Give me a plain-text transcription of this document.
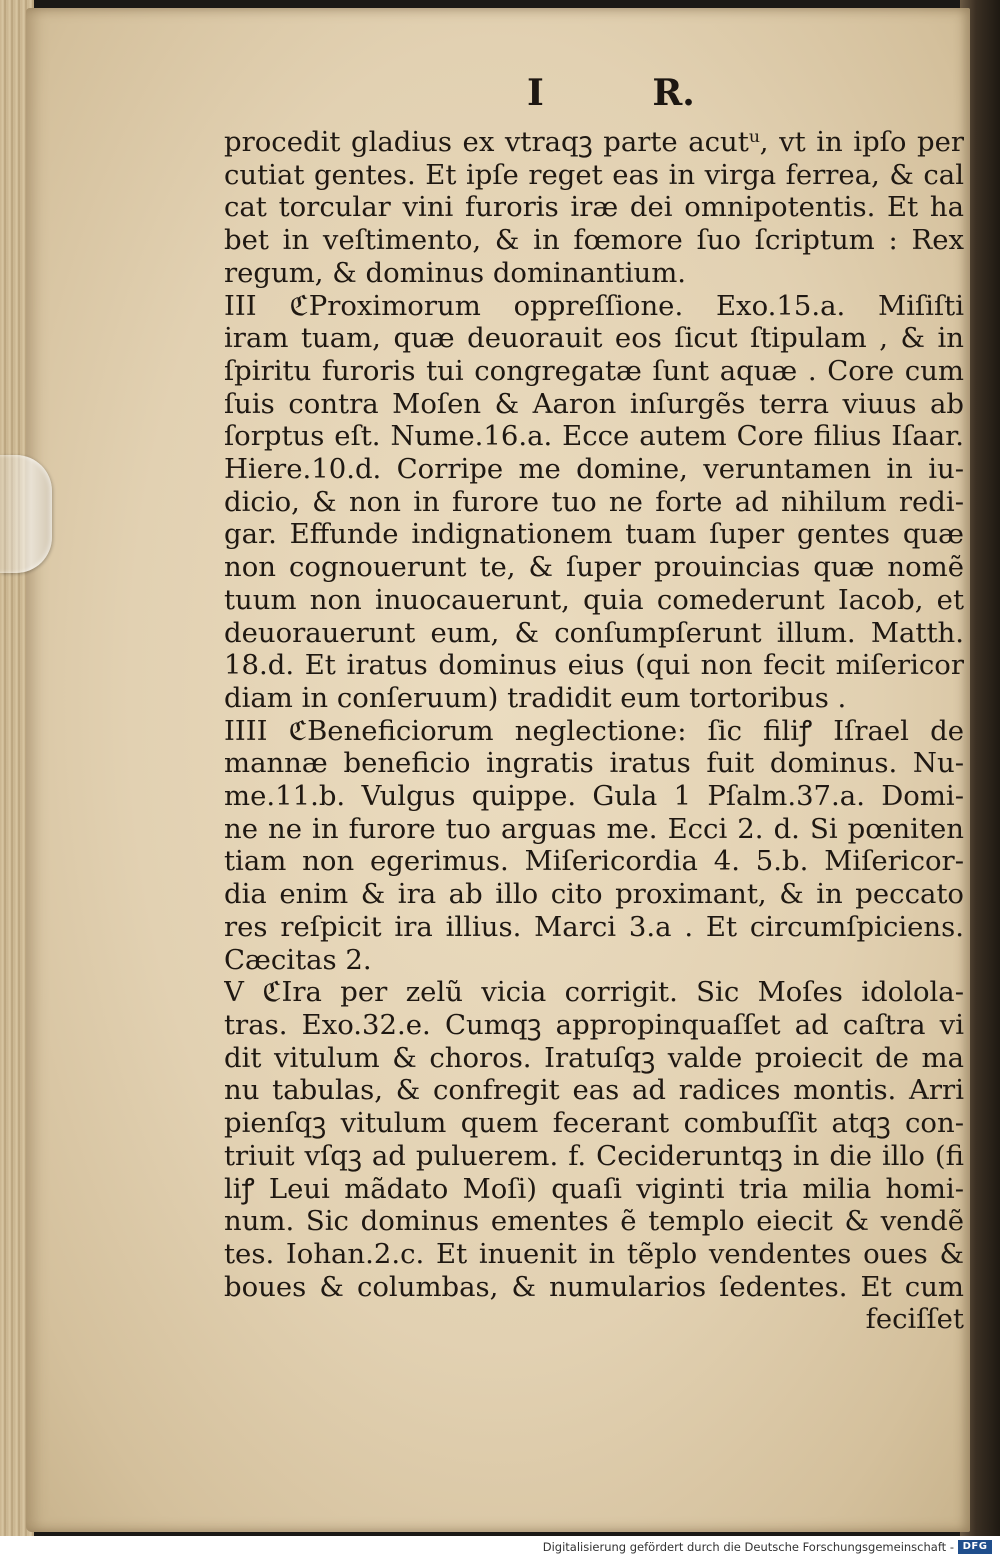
I	R.
procedit gladius ex vtraqꝫ parte acutᵘ, vt in ipſo per
cutiat gentes. Et ipſe reget eas in virga ferrea, & cal
cat torcular vini furoris iræ dei omnipotentis. Et ha
bet in veſtimento, & in fœmore ſuo ſcriptum : Rex
regum, & dominus dominantium.
III ℭProximorum oppreſſione. Exo.15.a. Miſiſti
iram tuam, quæ deuorauit eos ſicut ſtipulam , & in
ſpiritu furoris tui congregatæ ſunt aquæ . Core cum
ſuis contra Moſen & Aaron inſurgẽs terra viuus ab
ſorptus eſt. Nume.16.a. Ecce autem Core filius Iſaar.
Hiere.10.d. Corripe me domine, veruntamen in iu-
dicio, & non in furore tuo ne forte ad nihilum redi-
gar. Effunde indignationem tuam ſuper gentes quæ
non cognouerunt te, & ſuper prouincias quæ nomẽ
tuum non inuocauerunt, quia comederunt Iacob, et
deuorauerunt eum, & conſumpſerunt illum. Matth.
18.d. Et iratus dominus eius (qui non fecit miſericor
diam in conſeruum) tradidit eum tortoribus .
IIII ℭBeneficiorum neglectione: ſic filiꝭ Iſrael de
mannæ beneficio ingratis iratus fuit dominus. Nu-
me.11.b. Vulgus quippe. Gula 1 Pſalm.37.a. Domi-
ne ne in furore tuo arguas me. Ecci 2. d. Si pœniten
tiam non egerimus. Miſericordia 4. 5.b. Miſericor-
dia enim & ira ab illo cito proximant, & in peccato
res reſpicit ira illius. Marci 3.a . Et circumſpiciens.
Cæcitas 2.
V ℭIra per zelũ vicia corrigit. Sic Moſes idolola-
tras. Exo.32.e. Cumqꝫ appropinquaſſet ad caſtra vi
dit vitulum & choros. Iratuſqꝫ valde proiecit de ma
nu tabulas, & confregit eas ad radices montis. Arri
pienſqꝫ vitulum quem fecerant combuſſit atqꝫ con-
triuit vſqꝫ ad puluerem. f. Cecideruntqꝫ in die illo (fi
liꝭ Leui mãdato Moſi) quaſi viginti tria milia homi-
num. Sic dominus ementes ẽ templo eiecit & vendẽ
tes. Iohan.2.c. Et inuenit in tẽplo vendentes oues &
boues & columbas, & numularios ſedentes. Et cum
feciſſet
Digitalisierung gefördert durch die Deutsche Forschungsgemeinschaft - DFG
